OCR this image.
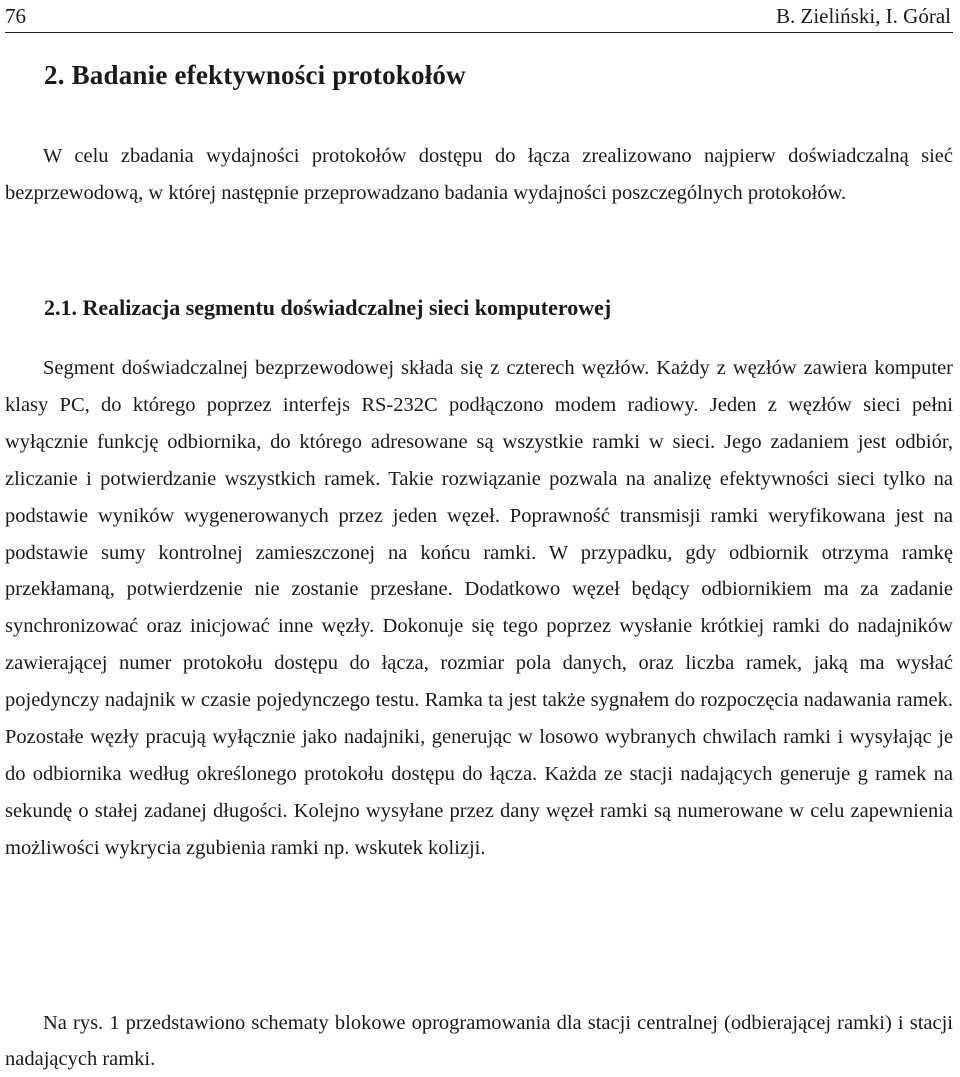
76	B. Zieliński, I. Góral
2. Badanie efektywności protokołów

W celu zbadania wydajności protokołów dostępu do łącza zrealizowano najpierw doświadczalną sieć bezprzewodową, w której następnie przeprowadzano badania wydajności poszczególnych protokołów.

2.1. Realizacja segmentu doświadczalnej sieci komputerowej

Segment doświadczalnej bezprzewodowej składa się z czterech węzłów. Każdy z węzłów zawiera komputer klasy PC, do którego poprzez interfejs RS-232C podłączono modem radiowy. Jeden z węzłów sieci pełni wyłącznie funkcję odbiornika, do którego adresowane są wszystkie ramki w sieci. Jego zadaniem jest odbiór, zliczanie i potwierdzanie wszystkich ramek. Takie rozwiązanie pozwala na analizę efektywności sieci tylko na podstawie wyników wygenerowanych przez jeden węzeł. Poprawność transmisji ramki weryfikowana jest na podstawie sumy kontrolnej zamieszczonej na końcu ramki. W przypadku, gdy odbiornik otrzyma ramkę przekłamaną, potwierdzenie nie zostanie przesłane. Dodatkowo węzeł będący odbiornikiem ma za zadanie synchronizować oraz inicjować inne węzły. Dokonuje się tego poprzez wysłanie krótkiej ramki do nadajników zawierającej numer protokołu dostępu do łącza, rozmiar pola danych, oraz liczba ramek, jaką ma wysłać pojedynczy nadajnik w czasie pojedynczego testu. Ramka ta jest także sygnałem do rozpoczęcia nadawania ramek. Pozostałe węzły pracują wyłącznie jako nadajniki, generując w losowo wybranych chwilach ramki i wysyłając je do odbiornika według określonego protokołu dostępu do łącza. Każda ze stacji nadających generuje g ramek na sekundę o stałej zadanej długości. Kolejno wysyłane przez dany węzeł ramki są numerowane w celu zapewnienia możliwości wykrycia zgubienia ramki np. wskutek kolizji.

Na rys. 1 przedstawiono schematy blokowe oprogramowania dla stacji centralnej (odbierającej ramki) i stacji nadających ramki.
